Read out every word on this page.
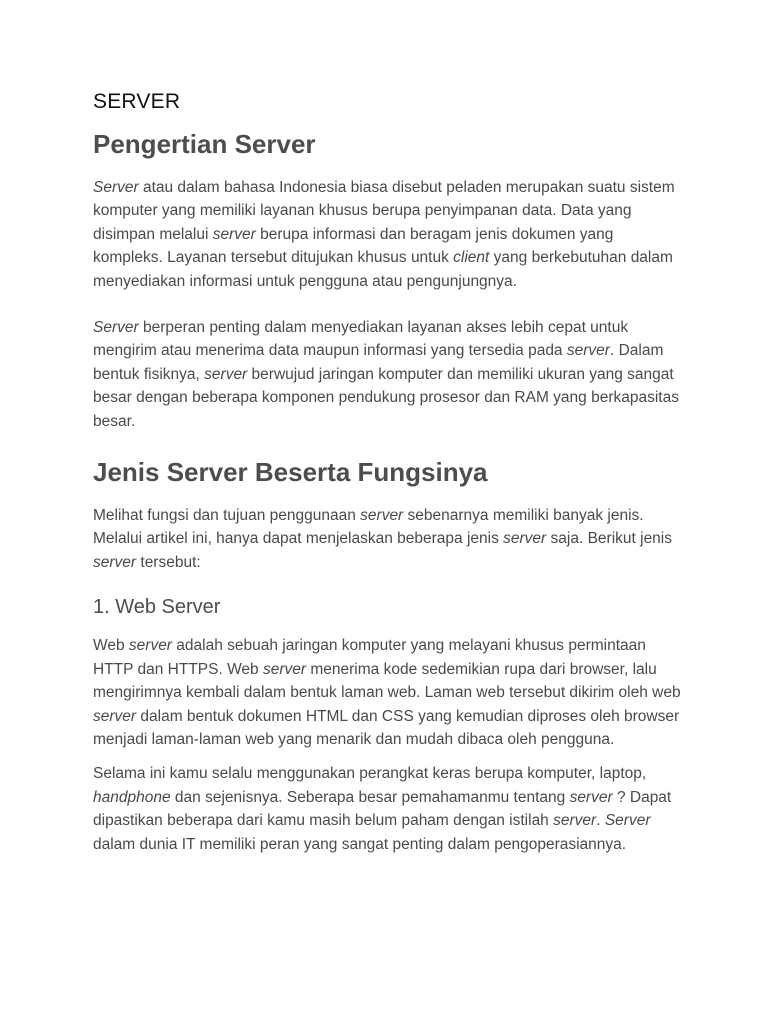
SERVER
Pengertian Server

Server atau dalam bahasa Indonesia biasa disebut peladen merupakan suatu sistem komputer yang memiliki layanan khusus berupa penyimpanan data. Data yang disimpan melalui server berupa informasi dan beragam jenis dokumen yang kompleks. Layanan tersebut ditujukan khusus untuk client yang berkebutuhan dalam menyediakan informasi untuk pengguna atau pengunjungnya.

Server berperan penting dalam menyediakan layanan akses lebih cepat untuk mengirim atau menerima data maupun informasi yang tersedia pada server. Dalam bentuk fisiknya, server berwujud jaringan komputer dan memiliki ukuran yang sangat besar dengan beberapa komponen pendukung prosesor dan RAM yang berkapasitas besar.

Jenis Server Beserta Fungsinya

Melihat fungsi dan tujuan penggunaan server sebenarnya memiliki banyak jenis. Melalui artikel ini, hanya dapat menjelaskan beberapa jenis server saja. Berikut jenis server tersebut:

1. Web Server

Web server adalah sebuah jaringan komputer yang melayani khusus permintaan HTTP dan HTTPS. Web server menerima kode sedemikian rupa dari browser, lalu mengirimnya kembali dalam bentuk laman web. Laman web tersebut dikirim oleh web server dalam bentuk dokumen HTML dan CSS yang kemudian diproses oleh browser menjadi laman-laman web yang menarik dan mudah dibaca oleh pengguna.

Selama ini kamu selalu menggunakan perangkat keras berupa komputer, laptop, handphone dan sejenisnya. Seberapa besar pemahamanmu tentang server ? Dapat dipastikan beberapa dari kamu masih belum paham dengan istilah server. Server dalam dunia IT memiliki peran yang sangat penting dalam pengoperasiannya.
